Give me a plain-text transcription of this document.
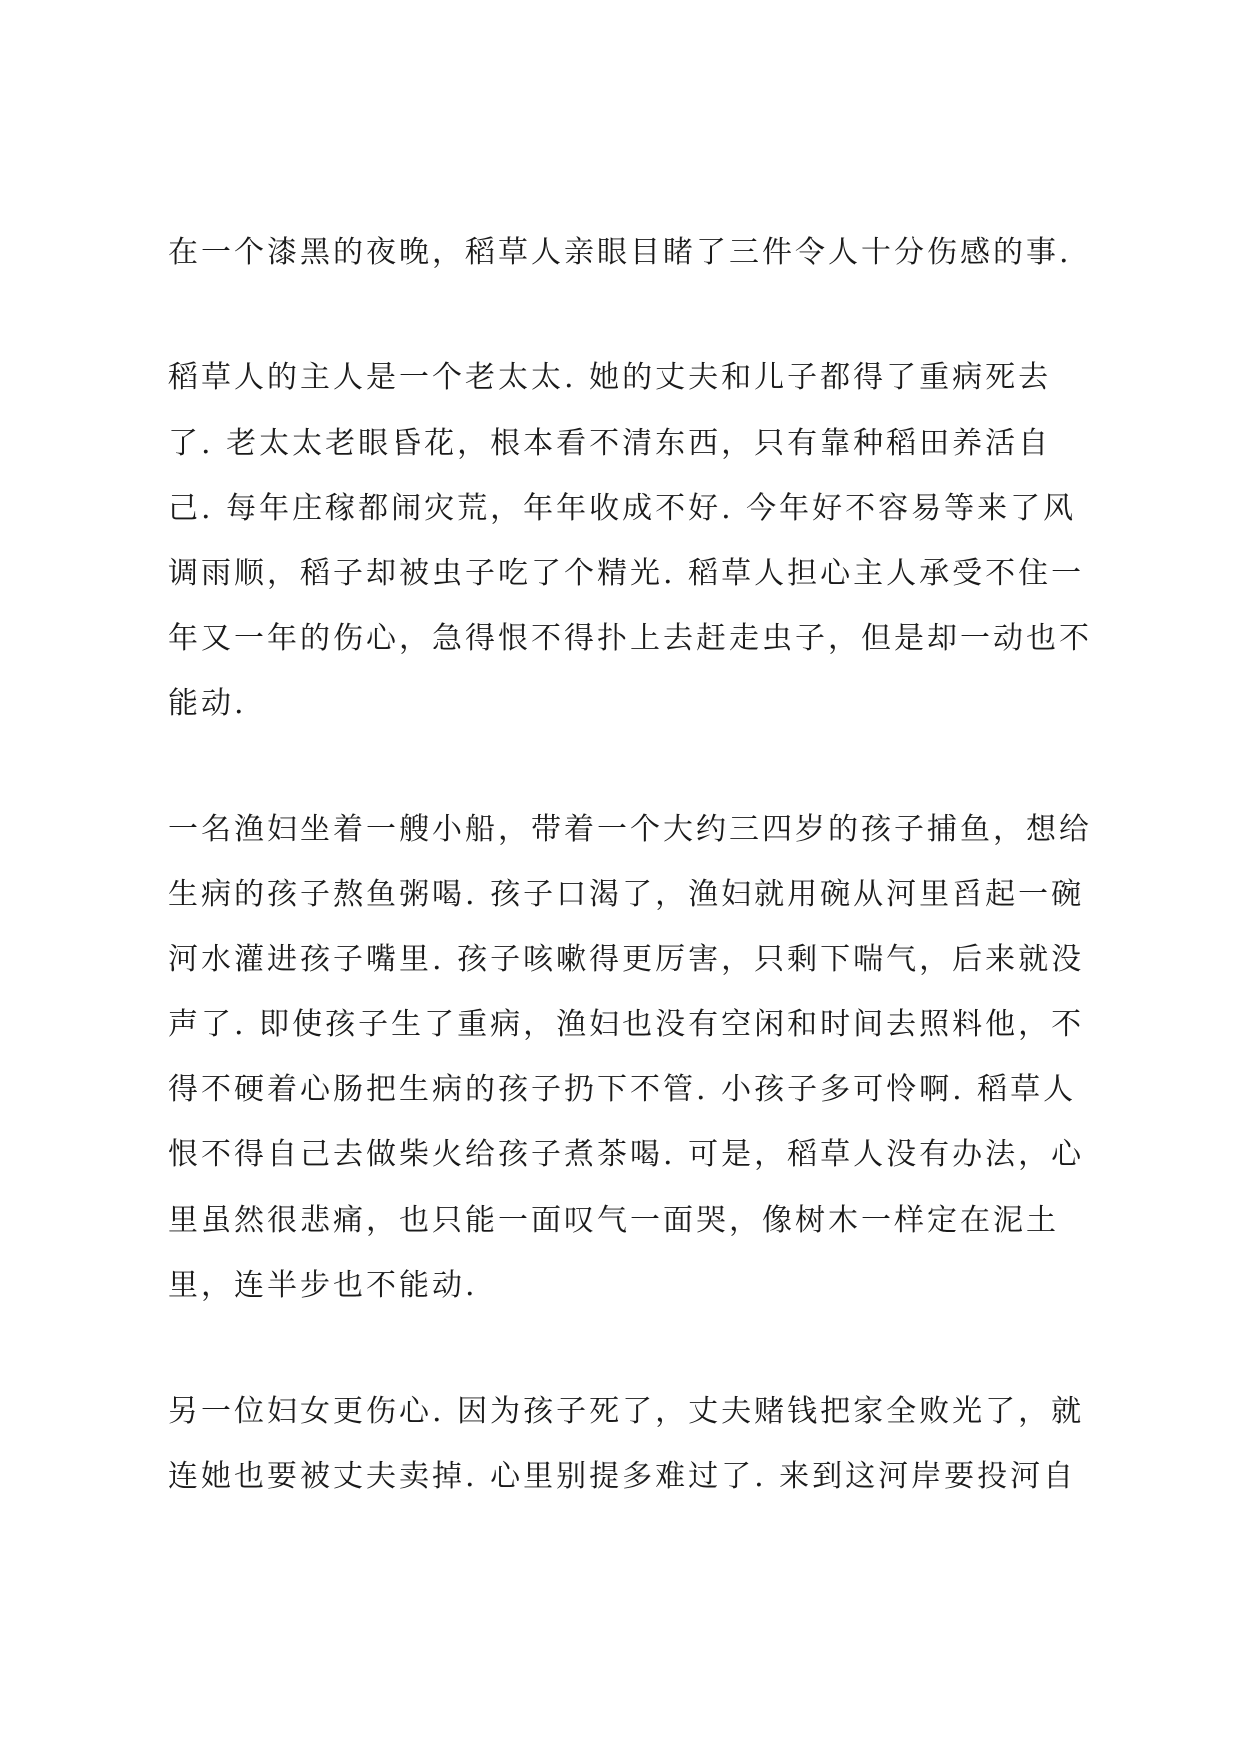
在一个漆黑的夜晚，稻草人亲眼目睹了三件令人十分伤感的事.

稻草人的主人是一个老太太. 她的丈夫和儿子都得了重病死去

了. 老太太老眼昏花，根本看不清东西，只有靠种稻田养活自

己. 每年庄稼都闹灾荒，年年收成不好. 今年好不容易等来了风

调雨顺，稻子却被虫子吃了个精光. 稻草人担心主人承受不住一

年又一年的伤心，急得恨不得扑上去赶走虫子，但是却一动也不

能动.

一名渔妇坐着一艘小船，带着一个大约三四岁的孩子捕鱼，想给

生病的孩子熬鱼粥喝. 孩子口渴了，渔妇就用碗从河里舀起一碗

河水灌进孩子嘴里. 孩子咳嗽得更厉害，只剩下喘气，后来就没

声了. 即使孩子生了重病，渔妇也没有空闲和时间去照料他，不

得不硬着心肠把生病的孩子扔下不管. 小孩子多可怜啊. 稻草人

恨不得自己去做柴火给孩子煮茶喝. 可是，稻草人没有办法，心

里虽然很悲痛，也只能一面叹气一面哭，像树木一样定在泥土

里，连半步也不能动.

另一位妇女更伤心. 因为孩子死了，丈夫赌钱把家全败光了，就

连她也要被丈夫卖掉. 心里别提多难过了. 来到这河岸要投河自
